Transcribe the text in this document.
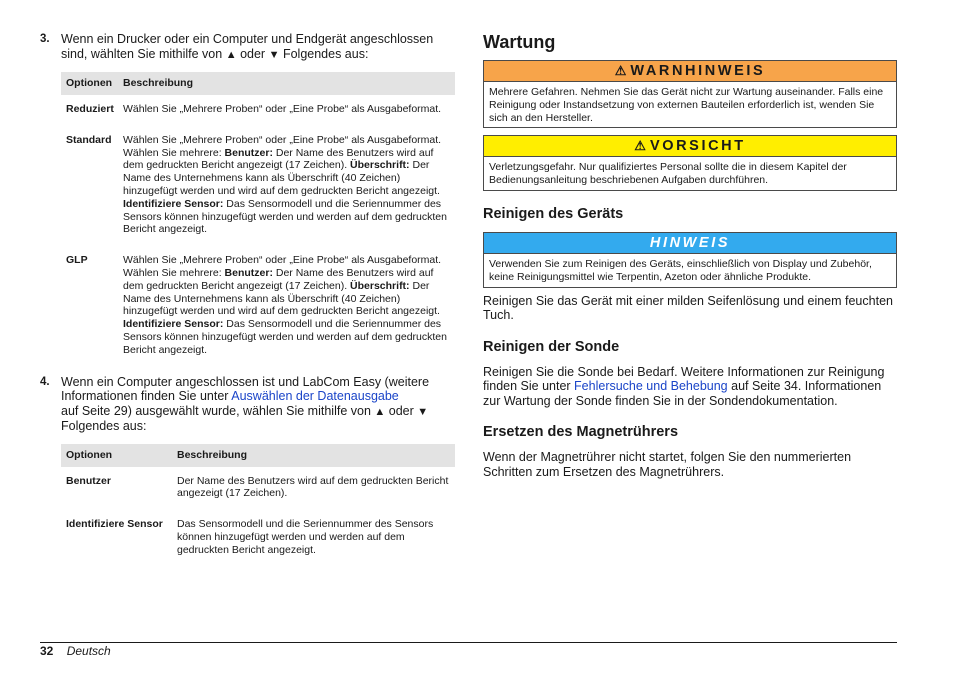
3. Wenn ein Drucker oder ein Computer und Endgerät angeschlossen sind, wählten Sie mithilfe von ▲ oder ▼ Folgendes aus:
Optionen	Beschreibung
Reduziert Wählen Sie „Mehrere Proben“ oder „Eine Probe“ als Ausgabeformat.
Standard	Wählen Sie „Mehrere Proben“ oder „Eine Probe“ als Ausgabeformat. Wählen Sie mehrere: Benutzer: Der Name des Benutzers wird auf dem gedruckten Bericht angezeigt (17 Zeichen). Überschrift: Der Name des Unternehmens kann als Überschrift (40 Zeichen) hinzugefügt werden und wird auf dem gedruckten Bericht angezeigt. Identifiziere Sensor: Das Sensormodell und die Seriennummer des Sensors können hinzugefügt werden und werden auf dem gedruckten Bericht angezeigt.
GLP	Wählen Sie „Mehrere Proben“ oder „Eine Probe“ als Ausgabeformat. Wählen Sie mehrere: Benutzer: Der Name des Benutzers wird auf dem gedruckten Bericht angezeigt (17 Zeichen). Überschrift: Der Name des Unternehmens kann als Überschrift (40 Zeichen) hinzugefügt werden und wird auf dem gedruckten Bericht angezeigt. Identifiziere Sensor: Das Sensormodell und die Seriennummer des Sensors können hinzugefügt werden und werden auf dem gedruckten Bericht angezeigt.
4. Wenn ein Computer angeschlossen ist und LabCom Easy (weitere Informationen finden Sie unter Auswählen der Datenausgabe
auf Seite 29) ausgewählt wurde, wählen Sie mithilfe von ▲ oder ▼ Folgendes aus:
Optionen	Beschreibung
Benutzer	Der Name des Benutzers wird auf dem gedruckten Bericht angezeigt (17 Zeichen).
Identifiziere Sensor	Das Sensormodell und die Seriennummer des Sensors können hinzugefügt werden und werden auf dem gedruckten Bericht angezeigt.
Wartung
⚠ WARNHINWEIS
Mehrere Gefahren. Nehmen Sie das Gerät nicht zur Wartung auseinander. Falls eine Reinigung oder Instandsetzung von externen Bauteilen erforderlich ist, wenden Sie sich an den Hersteller.
⚠ VORSICHT
Verletzungsgefahr. Nur qualifiziertes Personal sollte die in diesem Kapitel der Bedienungsanleitung beschriebenen Aufgaben durchführen.
Reinigen des Geräts
HINWEIS
Verwenden Sie zum Reinigen des Geräts, einschließlich von Display und Zubehör, keine Reinigungsmittel wie Terpentin, Azeton oder ähnliche Produkte.

Reinigen Sie das Gerät mit einer milden Seifenlösung und einem feuchten Tuch.

Reinigen der Sonde

Reinigen Sie die Sonde bei Bedarf. Weitere Informationen zur Reinigung finden Sie unter Fehlersuche und Behebung auf Seite 34. Informationen zur Wartung der Sonde finden Sie in der Sondendokumentation.

Ersetzen des Magnetrührers

Wenn der Magnetrührer nicht startet, folgen Sie den nummerierten Schritten zum Ersetzen des Magnetrührers.

32 Deutsch
